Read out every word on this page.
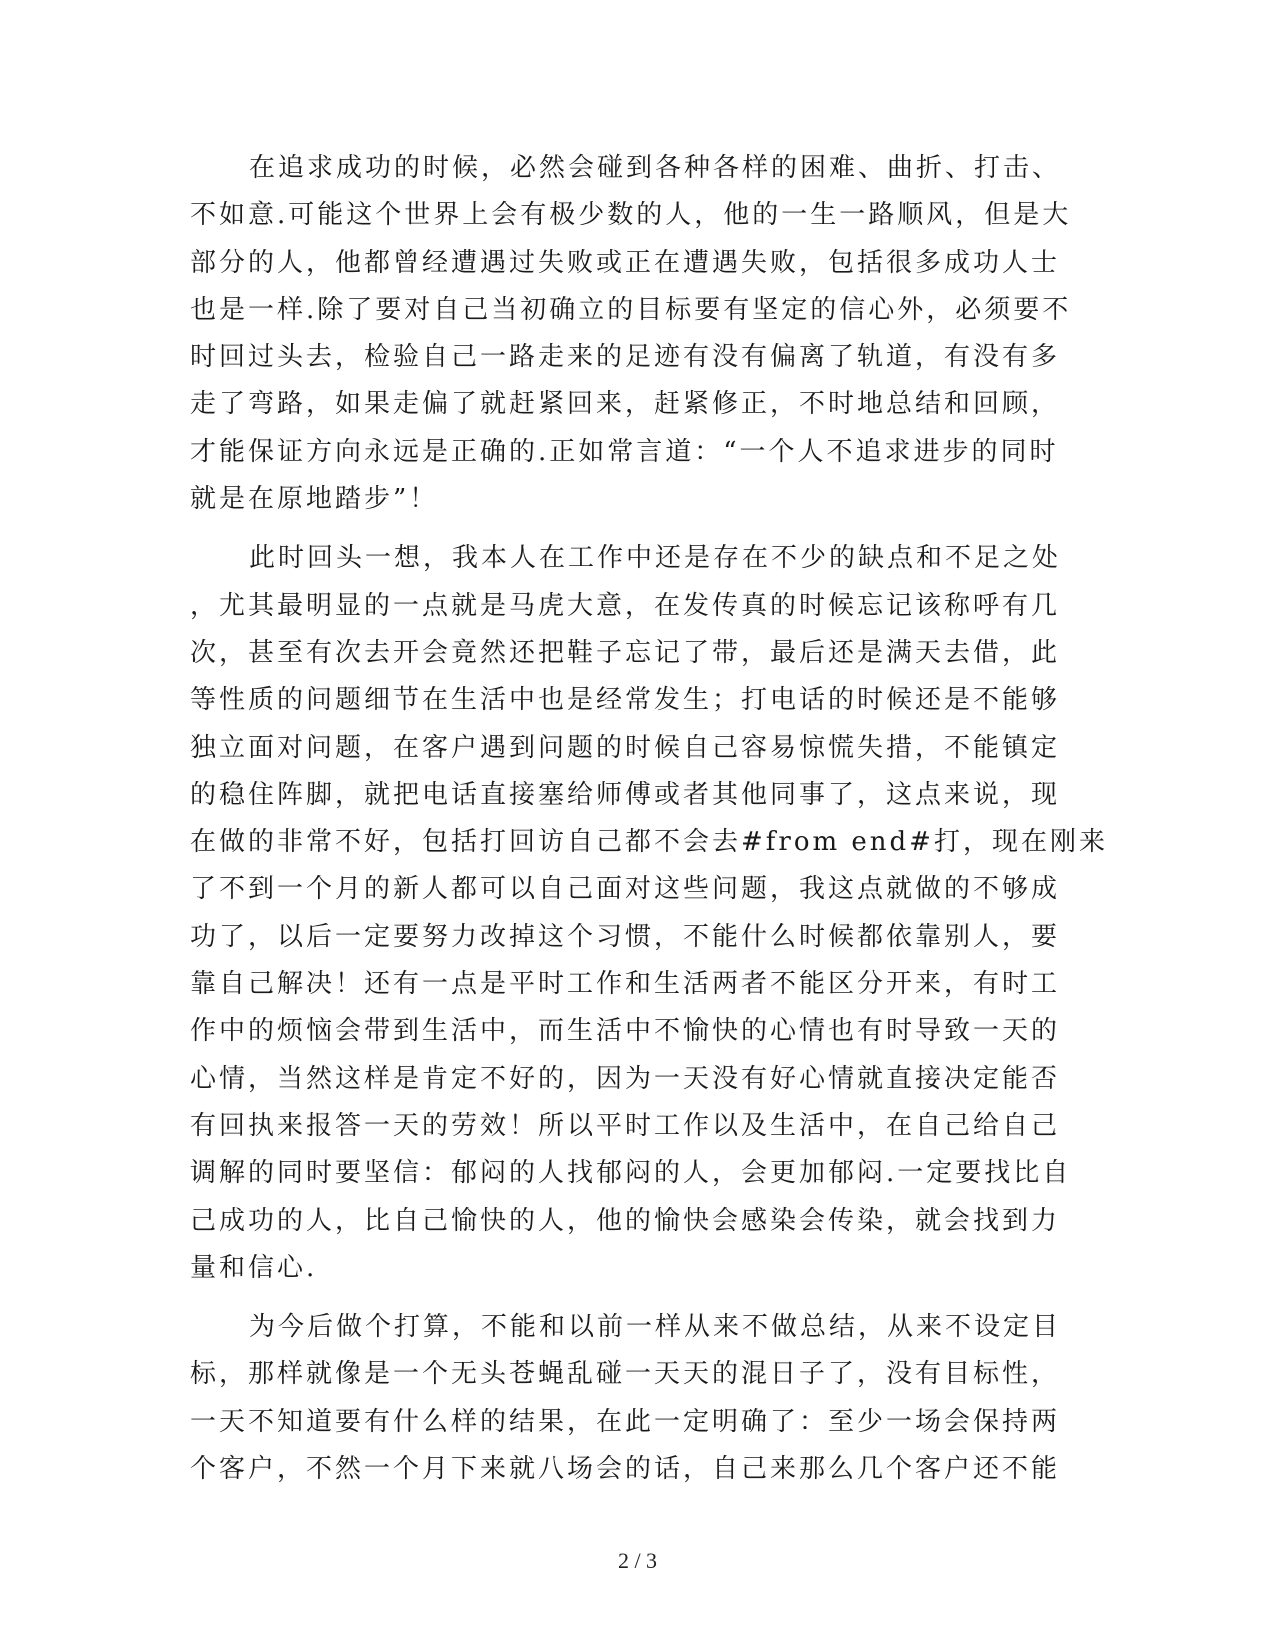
在追求成功的时候，必然会碰到各种各样的困难、曲折、打击、
不如意.可能这个世界上会有极少数的人，他的一生一路顺风，但是大
部分的人，他都曾经遭遇过失败或正在遭遇失败，包括很多成功人士
也是一样.除了要对自己当初确立的目标要有坚定的信心外，必须要不
时回过头去，检验自己一路走来的足迹有没有偏离了轨道，有没有多
走了弯路，如果走偏了就赶紧回来，赶紧修正，不时地总结和回顾，
才能保证方向永远是正确的.正如常言道：“一个人不追求进步的同时
就是在原地踏步”！
此时回头一想，我本人在工作中还是存在不少的缺点和不足之处
，尤其最明显的一点就是马虎大意，在发传真的时候忘记该称呼有几
次，甚至有次去开会竟然还把鞋子忘记了带，最后还是满天去借，此
等性质的问题细节在生活中也是经常发生；打电话的时候还是不能够
独立面对问题，在客户遇到问题的时候自己容易惊慌失措，不能镇定
的稳住阵脚，就把电话直接塞给师傅或者其他同事了，这点来说，现
在做的非常不好，包括打回访自己都不会去#from end#打，现在刚来
了不到一个月的新人都可以自己面对这些问题，我这点就做的不够成
功了，以后一定要努力改掉这个习惯，不能什么时候都依靠别人，要
靠自己解决！还有一点是平时工作和生活两者不能区分开来，有时工
作中的烦恼会带到生活中，而生活中不愉快的心情也有时导致一天的
心情，当然这样是肯定不好的，因为一天没有好心情就直接决定能否
有回执来报答一天的劳效！所以平时工作以及生活中，在自己给自己
调解的同时要坚信：郁闷的人找郁闷的人，会更加郁闷.一定要找比自
己成功的人，比自己愉快的人，他的愉快会感染会传染，就会找到力
量和信心.
为今后做个打算，不能和以前一样从来不做总结，从来不设定目
标，那样就像是一个无头苍蝇乱碰一天天的混日子了，没有目标性，
一天不知道要有什么样的结果，在此一定明确了：至少一场会保持两
个客户，不然一个月下来就八场会的话，自己来那么几个客户还不能
2 / 3
